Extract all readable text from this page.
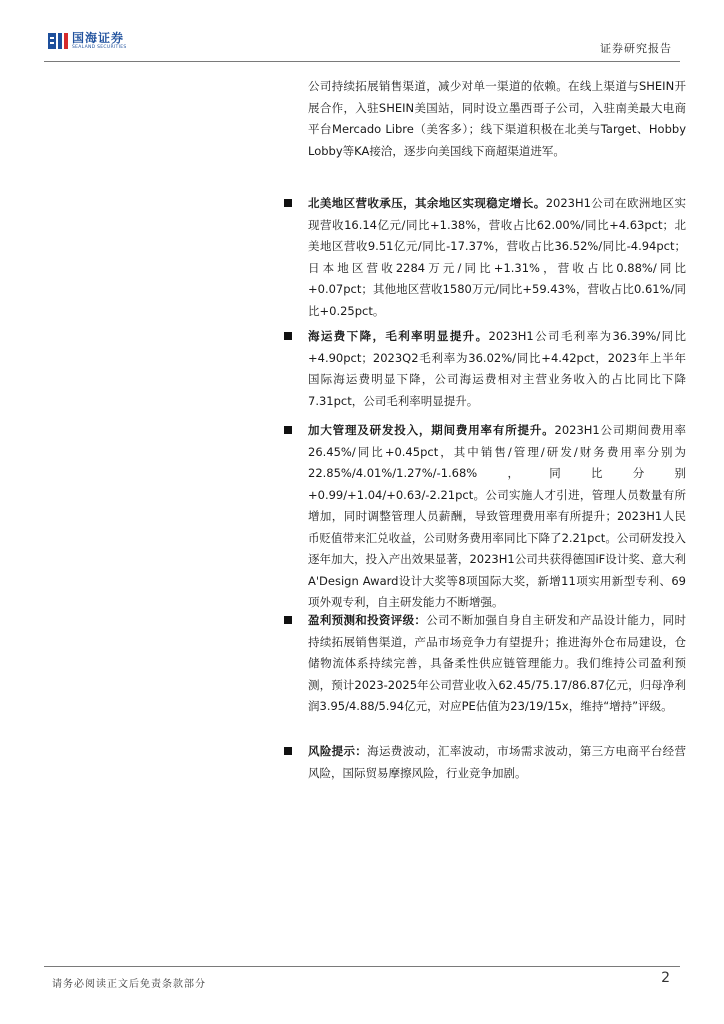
国海证券
SEALAND SECURITIES	证券研究报告

公司持续拓展销售渠道，减少对单一渠道的依赖。在线上渠道与SHEIN开展合作，入驻SHEIN美国站，同时设立墨西哥子公司，入驻南美最大电商平台Mercado Libre（美客多）；线下渠道积极在北美与Target、Hobby Lobby等KA接洽，逐步向美国线下商超渠道进军。

北美地区营收承压，其余地区实现稳定增长。2023H1公司在欧洲地区实现营收16.14亿元/同比+1.38%，营收占比62.00%/同比+4.63pct；北美地区营收9.51亿元/同比-17.37%，营收占比36.52%/同比-4.94pct；日本地区营收2284万元/同比+1.31%，营收占比0.88%/同比+0.07pct；其他地区营收1580万元/同比+59.43%，营收占比0.61%/同比+0.25pct。
海运费下降，毛利率明显提升。2023H1公司毛利率为36.39%/同比+4.90pct；2023Q2毛利率为36.02%/同比+4.42pct，2023年上半年国际海运费明显下降，公司海运费相对主营业务收入的占比同比下降7.31pct，公司毛利率明显提升。
加大管理及研发投入，期间费用率有所提升。2023H1公司期间费用率26.45%/同比+0.45pct，其中销售/管理/研发/财务费用率分别为22.85%/4.01%/1.27%/-1.68%，同比分别+0.99/+1.04/+0.63/-2.21pct。公司实施人才引进，管理人员数量有所增加，同时调整管理人员薪酬，导致管理费用率有所提升；2023H1人民币贬值带来汇兑收益，公司财务费用率同比下降了2.21pct。公司研发投入逐年加大，投入产出效果显著，2023H1公司共获得德国iF设计奖、意大利A'Design Award设计大奖等8项国际大奖，新增11项实用新型专利、69项外观专利，自主研发能力不断增强。
盈利预测和投资评级：公司不断加强自身自主研发和产品设计能力，同时持续拓展销售渠道，产品市场竞争力有望提升；推进海外仓布局建设，仓储物流体系持续完善，具备柔性供应链管理能力。我们维持公司盈利预测，预计2023-2025年公司营业收入62.45/75.17/86.87亿元，归母净利润3.95/4.88/5.94亿元，对应PE估值为23/19/15x，维持“增持”评级。
风险提示：海运费波动，汇率波动，市场需求波动，第三方电商平台经营风险，国际贸易摩擦风险，行业竞争加剧。
请务必阅读正文后免责条款部分	2
